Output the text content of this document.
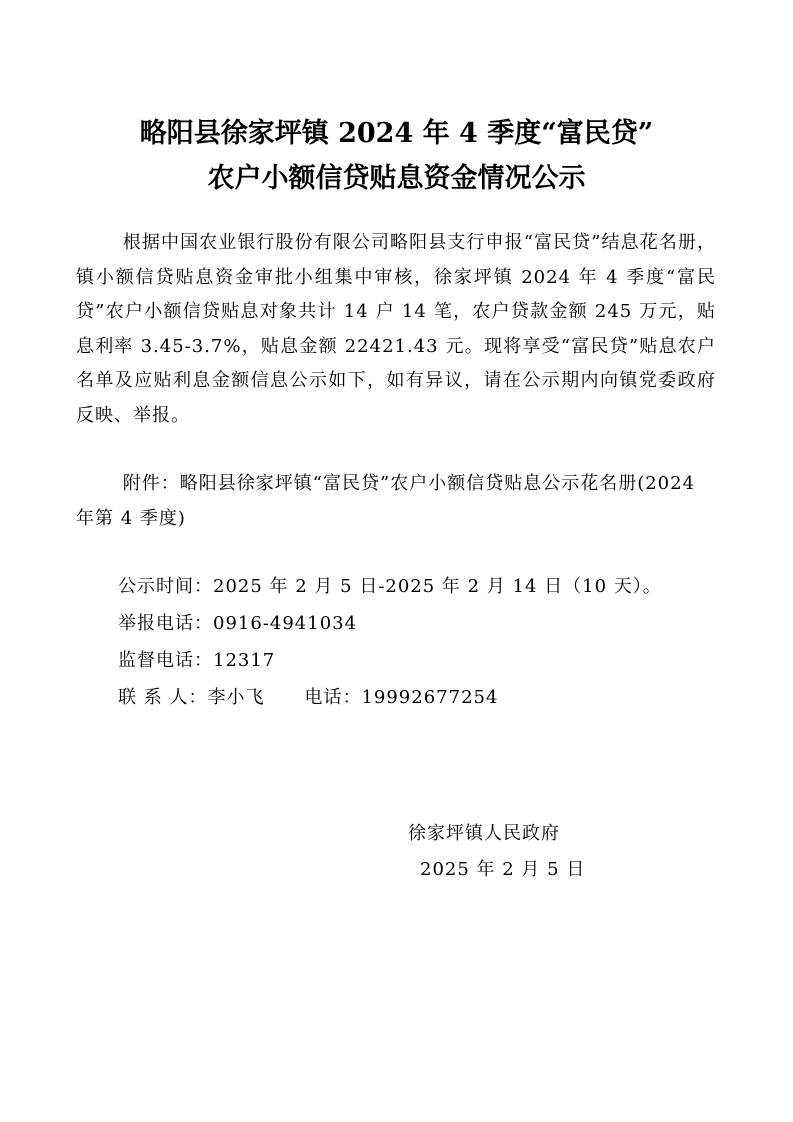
略阳县徐家坪镇 2024 年 4 季度“富民贷”
农户小额信贷贴息资金情况公示
根据中国农业银行股份有限公司略阳县支行申报“富民贷”结息花名册，镇小额信贷贴息资金审批小组集中审核，徐家坪镇 2024 年 4 季度“富民贷”农户小额信贷贴息对象共计 14 户 14 笔，农户贷款金额 245 万元，贴息利率 3.45-3.7%，贴息金额 22421.43 元。现将享受“富民贷”贴息农户名单及应贴利息金额信息公示如下，如有异议，请在公示期内向镇党委政府反映、举报。
附件：略阳县徐家坪镇“富民贷”农户小额信贷贴息公示花名册(2024 年第 4 季度)
公示时间：2025 年 2 月 5 日-2025 年 2 月 14 日（10 天）。
举报电话：0916-4941034
监督电话：12317
联 系 人：李小飞 电话：19992677254
徐家坪镇人民政府
2025 年 2 月 5 日
